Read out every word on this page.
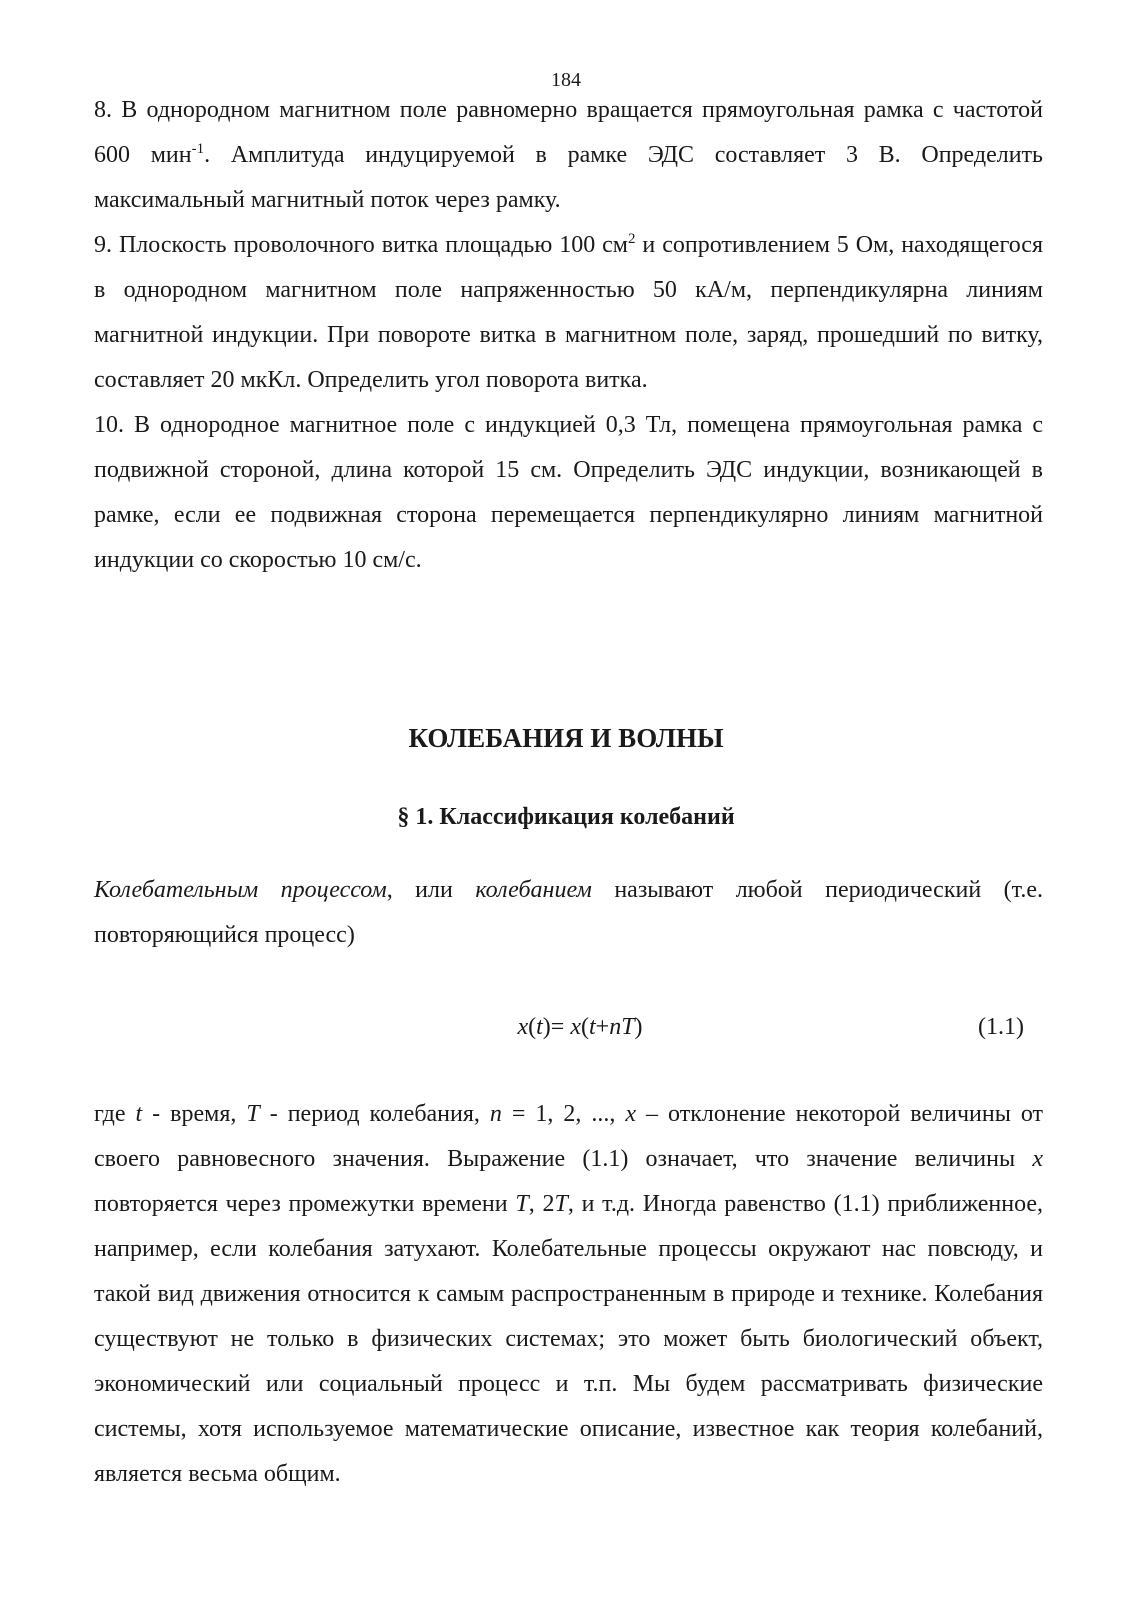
184

8. В однородном магнитном поле равномерно вращается прямоугольная рамка с частотой 600 мин$^{-1}$. Амплитуда индуцируемой в рамке ЭДС составляет 3 В. Определить максимальный магнитный поток через рамку.

9. Плоскость проволочного витка площадью 100 $см^2$ и сопротивлением 5 Ом, находящегося в однородном магнитном поле напряженностью 50 кА/м, перпендикулярна линиям магнитной индукции. При повороте витка в магнитном поле, заряд, прошедший по витку, составляет 20 мкКл. Определить угол поворота витка.

10. В однородное магнитное поле с индукцией 0,3 Тл, помещена прямоугольная рамка с подвижной стороной, длина которой 15 см. Определить ЭДС индукции, возникающей в рамке, если ее подвижная сторона перемещается перпендикулярно линиям магнитной индукции со скоростью 10 см/с.

КОЛЕБАНИЯ И ВОЛНЫ
§ 1. Классификация колебаний

Колебательным процессом, или колебанием называют любой периодический (т.е. повторяющийся процесс)

x(t)= x(t+nT)	(1.1)

где t - время, T - период колебания, n = 1, 2, ..., x – отклонение некоторой величины от своего равновесного значения. Выражение (1.1) означает, что значение величины x повторяется через промежутки времени T, 2T, и т.д. Иногда равенство (1.1) приближенное, например, если колебания затухают. Колебательные процессы окружают нас повсюду, и такой вид движения относится к самым распространенным в природе и технике. Колебания существуют не только в физических системах; это может быть биологический объект, экономический или социальный процесс и т.п. Мы будем рассматривать физические системы, хотя используемое математические описание, известное как теория колебаний, является весьма общим.
